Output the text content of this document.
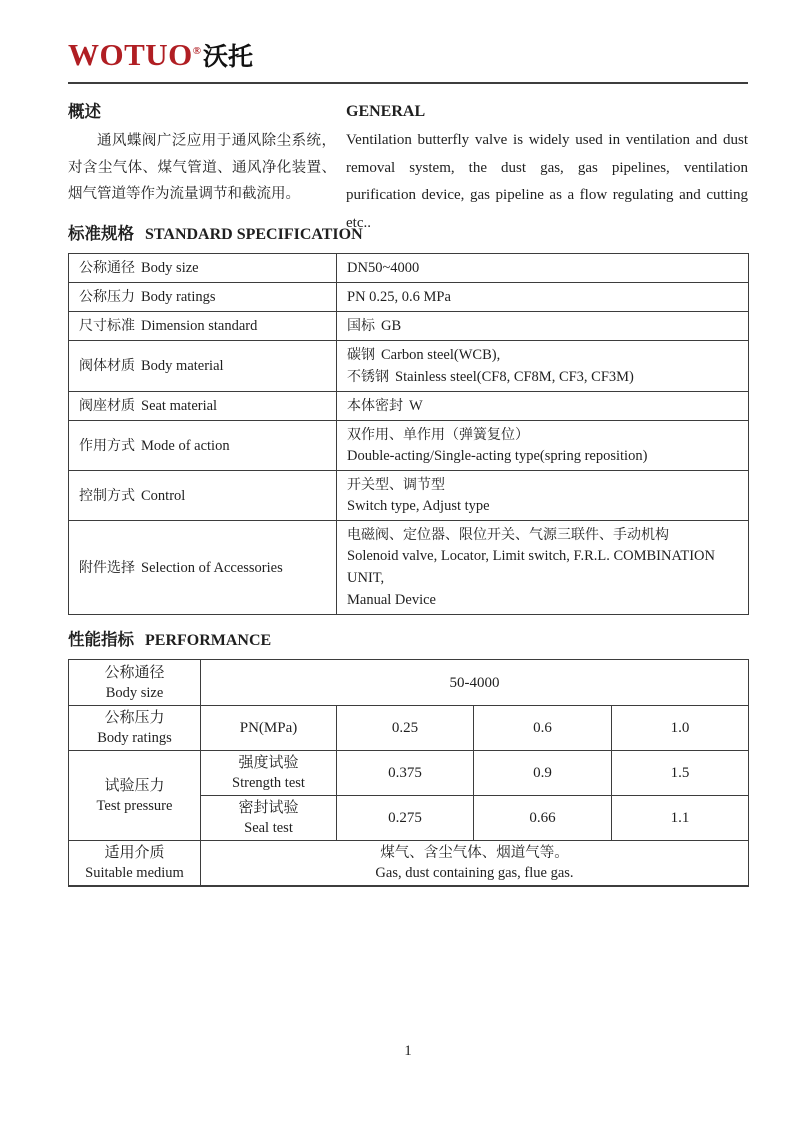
WOTUO®沃托
概述

通风蝶阀广泛应用于通风除尘系统，对含尘气体、煤气管道、通风净化装置、烟气管道等作为流量调节和截流用。

GENERAL

Ventilation butterfly valve is widely used in ventilation and dust removal system, the dust gas, gas pipelines, ventilation purification device, gas pipeline as a flow regulating and cutting etc..

标准规格 STANDARD SPECIFICATION
公称通径 Body size	DN50~4000

公称压力 Body ratings	PN 0.25, 0.6 MPa

尺寸标准 Dimension standard	国标 GB

阀体材质 Body material	碳钢 Carbon steel(WCB),
不锈钢 Stainless steel(CF8, CF8M, CF3, CF3M)

阀座材质 Seat material	本体密封 W

作用方式 Mode of action	双作用、单作用（弹簧复位）
Double-acting/Single-acting type(spring reposition)

控制方式 Control	开关型、调节型
Switch type, Adjust type

附件选择 Selection of Accessories	电磁阀、定位器、限位开关、气源三联件、手动机构
Solenoid valve, Locator, Limit switch, F.R.L. COMBINATION UNIT,
Manual Device
性能指标 PERFORMANCE
公称通径
Body size	50-4000			

公称压力
Body ratings	PN(MPa)	0.25	0.6	1.0

试验压力
Test pressure	强度试验
Strength test	0.375	0.9	1.5

	密封试验
Seal test	0.275	0.66	1.1

适用介质
Suitable medium	煤气、含尘气体、烟道气等。
Gas, dust containing gas, flue gas.			
1
